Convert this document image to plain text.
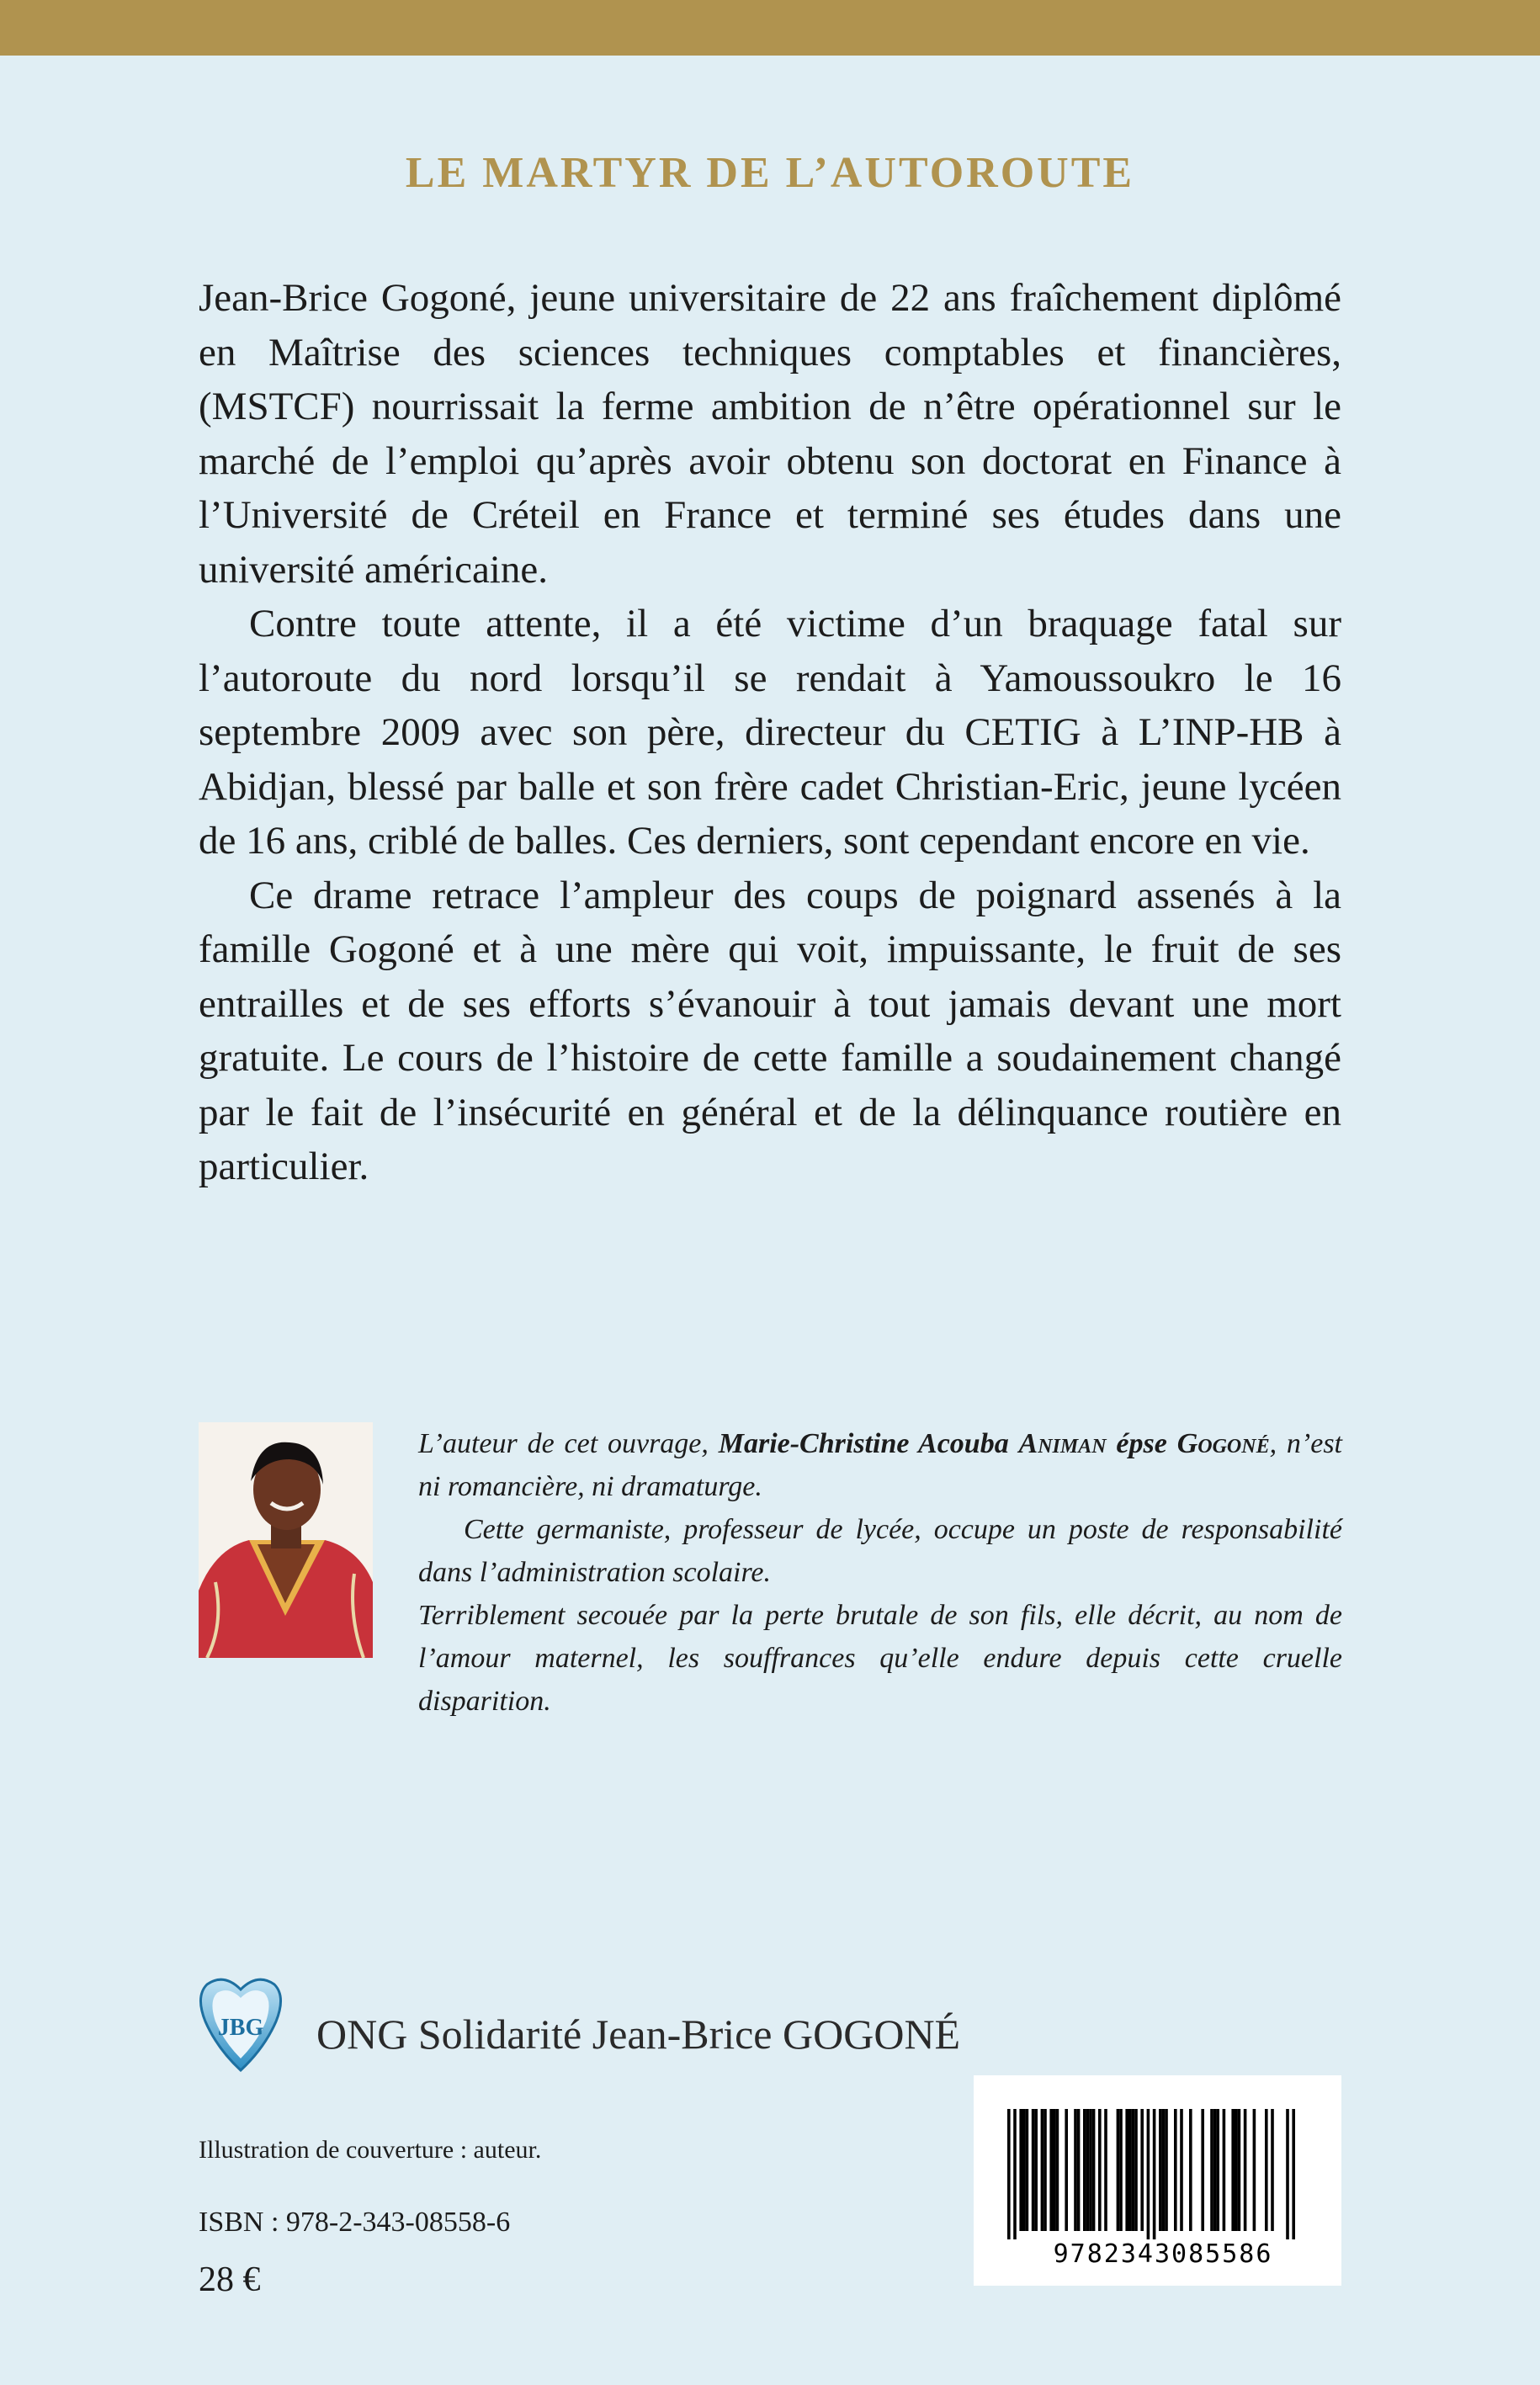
LE MARTYR DE L’AUTOROUTE

Jean-Brice Gogoné, jeune universitaire de 22 ans fraîchement diplômé en Maîtrise des sciences techniques comptables et financières, (MSTCF) nourrissait la ferme ambition de n’être opérationnel sur le marché de l’emploi qu’après avoir obtenu son doctorat en Finance à l’Université de Créteil en France et terminé ses études dans une université américaine.

Contre toute attente, il a été victime d’un braquage fatal sur l’autoroute du nord lorsqu’il se rendait à Yamoussoukro le 16 septembre 2009 avec son père, directeur du CETIG à L’INP-HB à Abidjan, blessé par balle et son frère cadet Christian-Eric, jeune lycéen de 16 ans, criblé de balles. Ces derniers, sont cependant encore en vie.

Ce drame retrace l’ampleur des coups de poignard assenés à la famille Gogoné et à une mère qui voit, impuissante, le fruit de ses entrailles et de ses efforts s’évanouir à tout jamais devant une mort gratuite. Le cours de l’histoire de cette famille a soudainement changé par le fait de l’insécurité en général et de la délinquance routière en particulier.

L’auteur de cet ouvrage, Marie-Christine Acouba Animan épse Gogoné, n’est ni romancière, ni dramaturge.

Cette germaniste, professeur de lycée, occupe un poste de responsabilité dans l’administration scolaire.

Terriblement secouée par la perte brutale de son fils, elle décrit, au nom de l’amour maternel, les souffrances qu’elle endure depuis cette cruelle disparition.

JBG ONG Solidarité Jean-Brice GOGONÉ
9782343085586
Illustration de couverture : auteur.
ISBN : 978-2-343-08558-6
28 €
